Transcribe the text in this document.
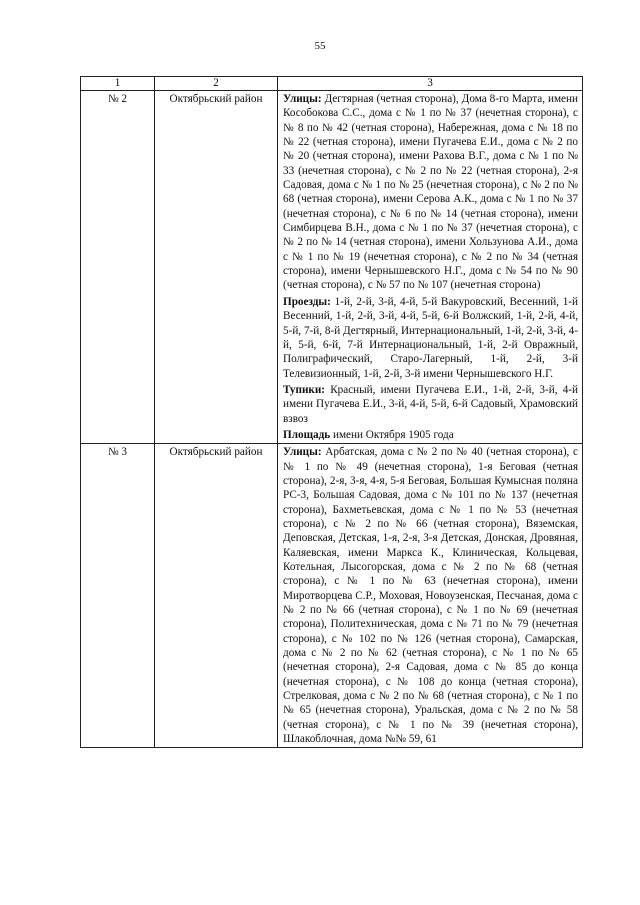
55
1	2	3
№ 2	Октябрьский район	Улицы: Дегтярная (четная сторона), Дома 8-го Марта, имени Кособокова С.С., дома с № 1 по № 37 (нечетная сторона), с № 8 по № 42 (четная сторона), Набережная, дома с № 18 по № 22 (четная сторона), имени Пугачева Е.И., дома с № 2 по № 20 (четная сторона), имени Рахова В.Г., дома с № 1 по № 33 (нечетная сторона), с № 2 по № 22 (четная сторона), 2-я Садовая, дома с № 1 по № 25 (нечетная сторона), с № 2 по № 68 (четная сторона), имени Серова А.К., дома с № 1 по № 37 (нечетная сторона), с № 6 по № 14 (четная сторона), имени Симбирцева В.Н., дома с № 1 по № 37 (нечетная сторона), с № 2 по № 14 (четная сторона), имени Хользунова А.И., дома с № 1 по № 19 (нечетная сторона), с № 2 по № 34 (четная сторона), имени Чернышевского Н.Г., дома с № 54 по № 90 (четная сторона), с № 57 по № 107 (нечетная сторона)

Проезды: 1-й, 2-й, 3-й, 4-й, 5-й Вакуровский, Весенний, 1-й Весенний, 1-й, 2-й, 3-й, 4-й, 5-й, 6-й Волжский, 1-й, 2-й, 4-й, 5-й, 7-й, 8-й Дегтярный, Интернациональный, 1-й, 2-й, 3-й, 4-й, 5-й, 6-й, 7-й Интернациональный, 1-й, 2-й Овражный, Полиграфический, Старо-Лагерный, 1-й, 2-й, 3-й Телевизионный, 1-й, 2-й, 3-й имени Чернышевского Н.Г.

Тупики: Красный, имени Пугачева Е.И., 1-й, 2-й, 3-й, 4-й имени Пугачева Е.И., 3-й, 4-й, 5-й, 6-й Садовый, Храмовский взвоз

Площадь имени Октября 1905 года

№ 3	Октябрьский район	Улицы: Арбатская, дома с № 2 по № 40 (четная сторона), с № 1 по № 49 (нечетная сторона), 1-я Беговая (четная сторона), 2-я, 3-я, 4-я, 5-я Беговая, Большая Кумысная поляна РС-3, Большая Садовая, дома с № 101 по № 137 (нечетная сторона), Бахметьевская, дома с № 1 по № 53 (нечетная сторона), с № 2 по № 66 (четная сторона), Вяземская, Деповская, Детская, 1-я, 2-я, 3-я Детская, Донская, Дровяная, Каляевская, имени Маркса К., Клиническая, Кольцевая, Котельная, Лысогорская, дома с № 2 по № 68 (четная сторона), с № 1 по № 63 (нечетная сторона), имени Миротворцева С.Р., Моховая, Новоузенская, Песчаная, дома с № 2 по № 66 (четная сторона), с № 1 по № 69 (нечетная сторона), Политехническая, дома с № 71 по № 79 (нечетная сторона), с № 102 по № 126 (четная сторона), Самарская, дома с № 2 по № 62 (четная сторона), с № 1 по № 65 (нечетная сторона), 2-я Садовая, дома с № 85 до конца (нечетная сторона), с № 108 до конца (четная сторона), Стрелковая, дома с № 2 по № 68 (четная сторона), с № 1 по № 65 (нечетная сторона), Уральская, дома с № 2 по № 58 (четная сторона), с № 1 по № 39 (нечетная сторона), Шлакоблочная, дома №№ 59, 61
